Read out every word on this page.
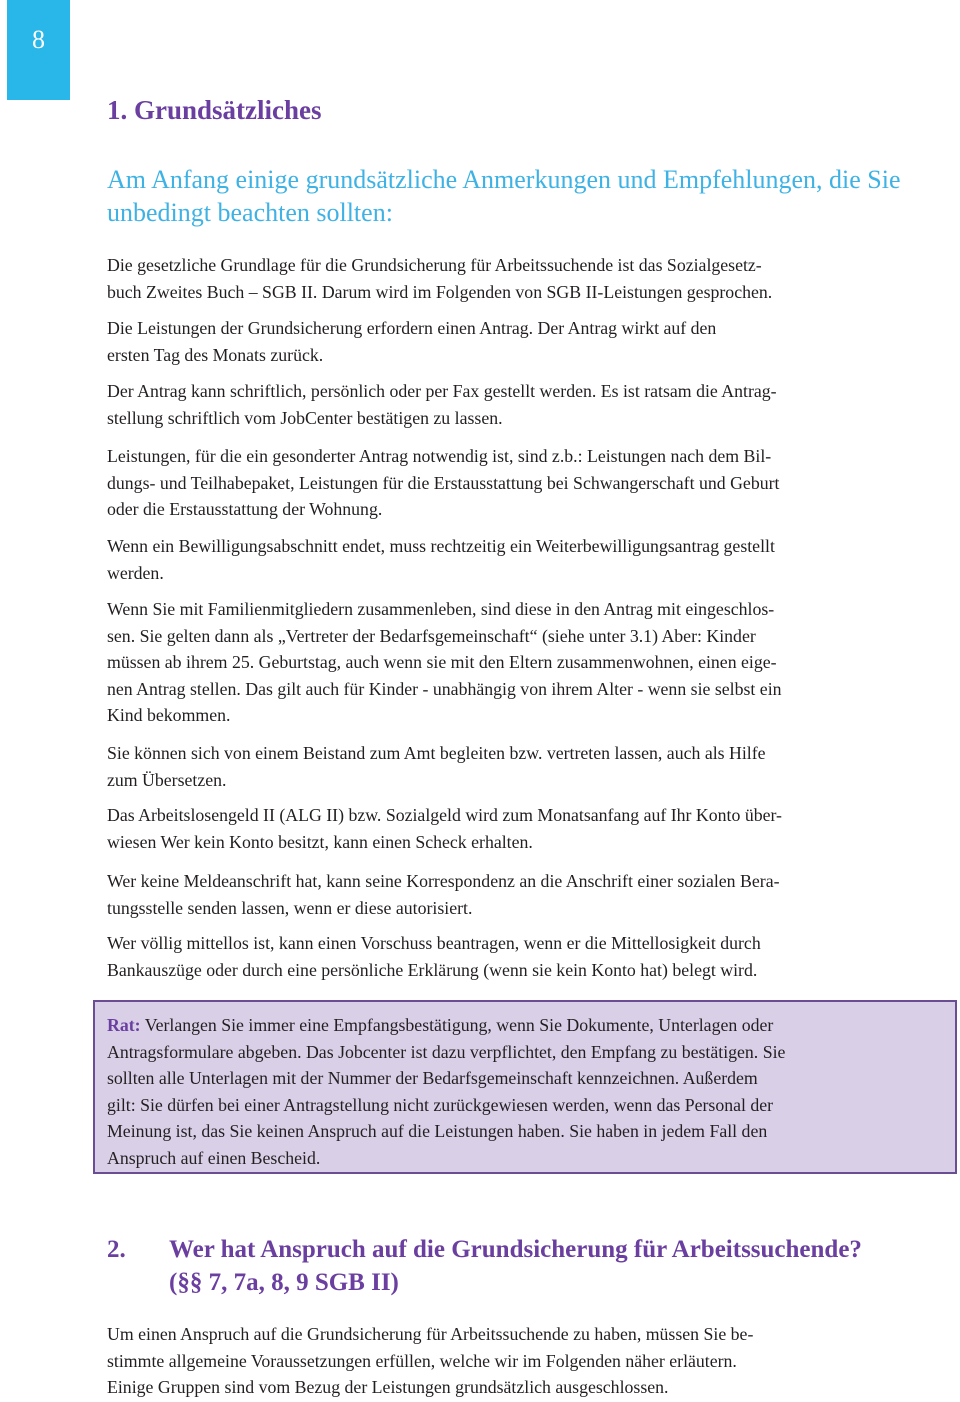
8
1. Grundsätzliches
Am Anfang einige grundsätzliche Anmerkungen und Empfehlungen, die Sie unbedingt beachten sollten:

Die gesetzliche Grundlage für die Grundsicherung für Arbeitssuchende ist das Sozialgesetz-
buch Zweites Buch – SGB II. Darum wird im Folgenden von SGB II-Leistungen gesprochen.

Die Leistungen der Grundsicherung erfordern einen Antrag. Der Antrag wirkt auf den
ersten Tag des Monats zurück.

Der Antrag kann schriftlich, persönlich oder per Fax gestellt werden. Es ist ratsam die Antrag-
stellung schriftlich vom JobCenter bestätigen zu lassen.

Leistungen, für die ein gesonderter Antrag notwendig ist, sind z.b.: Leistungen nach dem Bil-
dungs- und Teilhabepaket, Leistungen für die Erstausstattung bei Schwangerschaft und Geburt
oder die Erstausstattung der Wohnung.

Wenn ein Bewilligungsabschnitt endet, muss rechtzeitig ein Weiterbewilligungsantrag gestellt
werden.

Wenn Sie mit Familienmitgliedern zusammenleben, sind diese in den Antrag mit eingeschlos-
sen. Sie gelten dann als „Vertreter der Bedarfsgemeinschaft“ (siehe unter 3.1) Aber: Kinder
müssen ab ihrem 25. Geburtstag, auch wenn sie mit den Eltern zusammenwohnen, einen eige-
nen Antrag stellen. Das gilt auch für Kinder - unabhängig von ihrem Alter - wenn sie selbst ein
Kind bekommen.

Sie können sich von einem Beistand zum Amt begleiten bzw. vertreten lassen, auch als Hilfe
zum Übersetzen.

Das Arbeitslosengeld II (ALG II) bzw. Sozialgeld wird zum Monatsanfang auf Ihr Konto über-
wiesen Wer kein Konto besitzt, kann einen Scheck erhalten.

Wer keine Meldeanschrift hat, kann seine Korrespondenz an die Anschrift einer sozialen Bera-
tungsstelle senden lassen, wenn er diese autorisiert.

Wer völlig mittellos ist, kann einen Vorschuss beantragen, wenn er die Mittellosigkeit durch
Bankauszüge oder durch eine persönliche Erklärung (wenn sie kein Konto hat) belegt wird.

Rat: Verlangen Sie immer eine Empfangsbestätigung, wenn Sie Dokumente, Unterlagen oder
Antragsformulare abgeben. Das Jobcenter ist dazu verpflichtet, den Empfang zu bestätigen. Sie
sollten alle Unterlagen mit der Nummer der Bedarfsgemeinschaft kennzeichnen. Außerdem
gilt: Sie dürfen bei einer Antragstellung nicht zurückgewiesen werden, wenn das Personal der
Meinung ist, das Sie keinen Anspruch auf die Leistungen haben. Sie haben in jedem Fall den
Anspruch auf einen Bescheid.

2. Wer hat Anspruch auf die Grundsicherung für Arbeitssuchende?
(§§ 7, 7a, 8, 9 SGB II)

Um einen Anspruch auf die Grundsicherung für Arbeitssuchende zu haben, müssen Sie be-
stimmte allgemeine Voraussetzungen erfüllen, welche wir im Folgenden näher erläutern.
Einige Gruppen sind vom Bezug der Leistungen grundsätzlich ausgeschlossen.
